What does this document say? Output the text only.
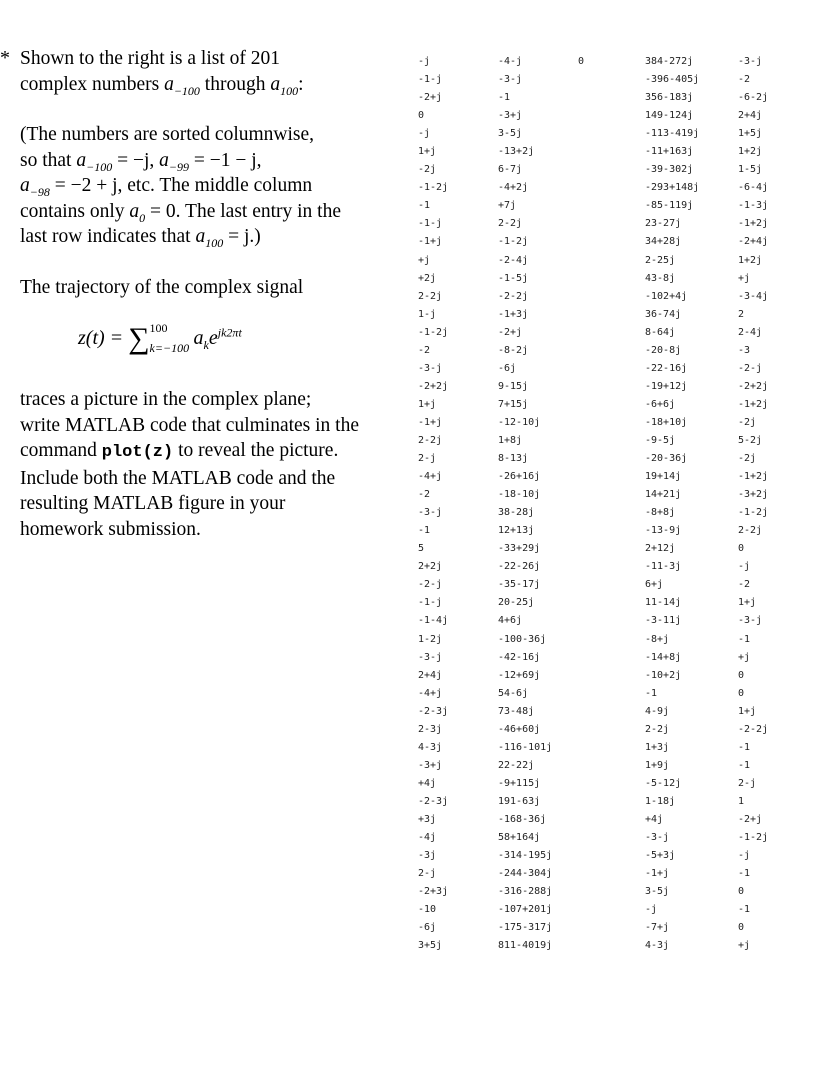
* Shown to the right is a list of 201
complex numbers $a_{-100}$ through $a_{100}$:
(The numbers are sorted columnwise,
so that $a_{-100} = -j$, $a_{-99} = -1 - j$,
$a_{-98} = -2 + j$, etc. The middle column
contains only $a_0 = 0$. The last entry in the
last row indicates that $a_{100} = j$.)
The trajectory of the complex signal
z(t) = ∑ 100
k=−100 $a_ke^{jk2\pi t}$
traces a picture in the complex plane;
write MATLAB code that culminates in the
command plot(z) to reveal the picture.
Include both the MATLAB code and the
resulting MATLAB figure in your
homework submission.
-j
-1-j
-2+j
0
-j
1+j
-2j
-1-2j
-1
-1-j
-1+j
+j
+2j
2-2j
1-j
-1-2j
-2
-3-j
-2+2j
1+j
-1+j
2-2j
2-j
-4+j
-2
-3-j
-1
5
2+2j
-2-j
-1-j
-1-4j
1-2j
-3-j
2+4j
-4+j
-2-3j
2-3j
4-3j
-3+j
+4j
-2-3j
+3j
-4j
-3j
2-j
-2+3j
-10
-6j
3+5j
-4-j
-3-j
-1
-3+j
3-5j
-13+2j
6-7j
-4+2j
+7j
2-2j
-1-2j
-2-4j
-1-5j
-2-2j
-1+3j
-2+j
-8-2j
-6j
9-15j
7+15j
-12-10j
1+8j
8-13j
-26+16j
-18-10j
38-28j
12+13j
-33+29j
-22-26j
-35-17j
20-25j
4+6j
-100-36j
-42-16j
-12+69j
54-6j
73-48j
-46+60j
-116-101j
22-22j
-9+115j
191-63j
-168-36j
58+164j
-314-195j
-244-304j
-316-288j
-107+201j
-175-317j
811-4019j
0	384-272j
-396-405j
356-183j
149-124j
-113-419j
-11+163j
-39-302j
-293+148j
-85-119j
23-27j
34+28j
2-25j
43-8j
-102+4j
36-74j
8-64j
-20-8j
-22-16j
-19+12j
-6+6j
-18+10j
-9-5j
-20-36j
19+14j
14+21j
-8+8j
-13-9j
2+12j
-11-3j
6+j
11-14j
-3-11j
-8+j
-14+8j
-10+2j
-1
4-9j
2-2j
1+3j
1+9j
-5-12j
1-18j
+4j
-3-j
-5+3j
-1+j
3-5j
-j
-7+j
4-3j
-3-j
-2
-6-2j
2+4j
1+5j
1+2j
1-5j
-6-4j
-1-3j
-1+2j
-2+4j
1+2j
+j
-3-4j
2
2-4j
-3
-2-j
-2+2j
-1+2j
-2j
5-2j
-2j
-1+2j
-3+2j
-1-2j
2-2j
0
-j
-2
1+j
-3-j
-1
+j
0
0
1+j
-2-2j
-1
-1
2-j
1
-2+j
-1-2j
-j
-1
0
-1
0
+j
